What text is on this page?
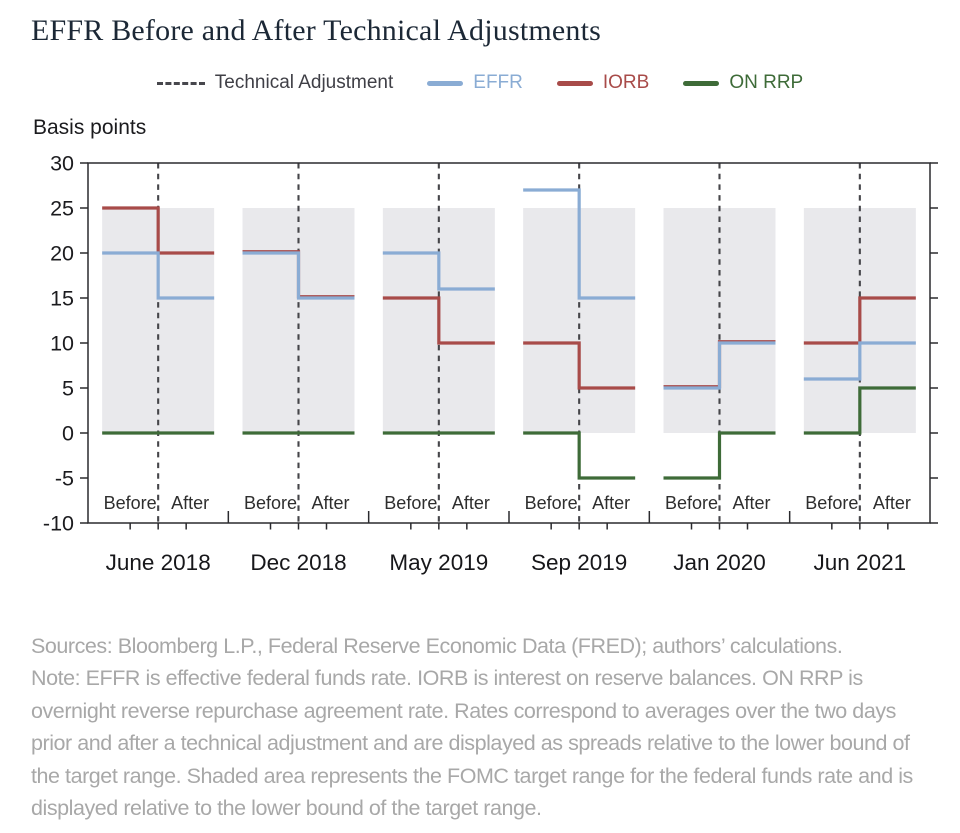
EFFR Before and After Technical Adjustments
Technical Adjustment	EFFR	IORB	ON RRP
Basis points
30
25
20
15
10
5
0
-5
-10
Before After
June 2018
Before After
Dec 2018
Before After
May 2019
Before After
Sep 2019
Before After
Jan 2020
Before After
Jun 2021
Sources: Bloomberg L.P., Federal Reserve Economic Data (FRED); authors’ calculations.
Note: EFFR is effective federal funds rate. IORB is interest on reserve balances. ON RRP is
overnight reverse repurchase agreement rate. Rates correspond to averages over the two days
prior and after a technical adjustment and are displayed as spreads relative to the lower bound of
the target range. Shaded area represents the FOMC target range for the federal funds rate and is
displayed relative to the lower bound of the target range.
